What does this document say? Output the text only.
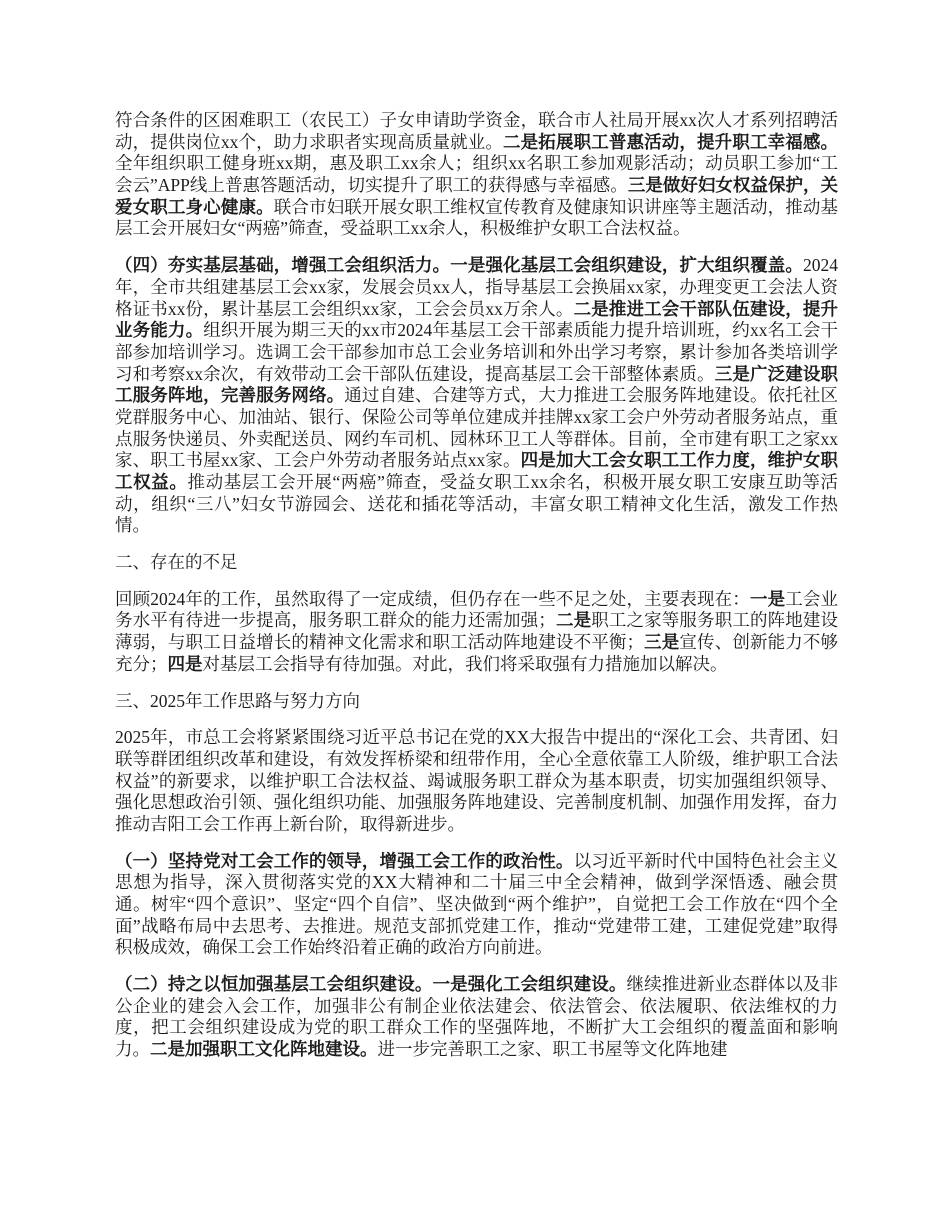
符合条件的区困难职工（农民工）子女申请助学资金，联合市人社局开展xx次人才系列招聘活动，提供岗位xx个，助力求职者实现高质量就业。二是拓展职工普惠活动，提升职工幸福感。全年组织职工健身班xx期，惠及职工xx余人；组织xx名职工参加观影活动；动员职工参加“工会云”APP线上普惠答题活动，切实提升了职工的获得感与幸福感。三是做好妇女权益保护，关爱女职工身心健康。联合市妇联开展女职工维权宣传教育及健康知识讲座等主题活动，推动基层工会开展妇女“两癌”筛查，受益职工xx余人，积极维护女职工合法权益。

（四）夯实基层基础，增强工会组织活力。一是强化基层工会组织建设，扩大组织覆盖。2024年，全市共组建基层工会xx家，发展会员xx人，指导基层工会换届xx家，办理变更工会法人资格证书xx份，累计基层工会组织xx家，工会会员xx万余人。二是推进工会干部队伍建设，提升业务能力。组织开展为期三天的xx市2024年基层工会干部素质能力提升培训班，约xx名工会干部参加培训学习。选调工会干部参加市总工会业务培训和外出学习考察，累计参加各类培训学习和考察xx余次，有效带动工会干部队伍建设，提高基层工会干部整体素质。三是广泛建设职工服务阵地，完善服务网络。通过自建、合建等方式，大力推进工会服务阵地建设。依托社区党群服务中心、加油站、银行、保险公司等单位建成并挂牌xx家工会户外劳动者服务站点，重点服务快递员、外卖配送员、网约车司机、园林环卫工人等群体。目前，全市建有职工之家xx家、职工书屋xx家、工会户外劳动者服务站点xx家。四是加大工会女职工工作力度，维护女职工权益。推动基层工会开展“两癌”筛查，受益女职工xx余名，积极开展女职工安康互助等活动，组织“三八”妇女节游园会、送花和插花等活动，丰富女职工精神文化生活，激发工作热情。

二、存在的不足

回顾2024年的工作，虽然取得了一定成绩，但仍存在一些不足之处，主要表现在：一是工会业务水平有待进一步提高，服务职工群众的能力还需加强；二是职工之家等服务职工的阵地建设薄弱，与职工日益增长的精神文化需求和职工活动阵地建设不平衡；三是宣传、创新能力不够充分；四是对基层工会指导有待加强。对此，我们将采取强有力措施加以解决。

三、2025年工作思路与努力方向

2025年，市总工会将紧紧围绕习近平总书记在党的XX大报告中提出的“深化工会、共青团、妇联等群团组织改革和建设，有效发挥桥梁和纽带作用，全心全意依靠工人阶级，维护职工合法权益”的新要求，以维护职工合法权益、竭诚服务职工群众为基本职责，切实加强组织领导、强化思想政治引领、强化组织功能、加强服务阵地建设、完善制度机制、加强作用发挥，奋力推动吉阳工会工作再上新台阶，取得新进步。

（一）坚持党对工会工作的领导，增强工会工作的政治性。以习近平新时代中国特色社会主义思想为指导，深入贯彻落实党的XX大精神和二十届三中全会精神，做到学深悟透、融会贯通。树牢“四个意识”、坚定“四个自信”、坚决做到“两个维护”，自觉把工会工作放在“四个全面”战略布局中去思考、去推进。规范支部抓党建工作，推动“党建带工建，工建促党建”取得积极成效，确保工会工作始终沿着正确的政治方向前进。

（二）持之以恒加强基层工会组织建设。一是强化工会组织建设。继续推进新业态群体以及非公企业的建会入会工作，加强非公有制企业依法建会、依法管会、依法履职、依法维权的力度，把工会组织建设成为党的职工群众工作的坚强阵地，不断扩大工会组织的覆盖面和影响力。二是加强职工文化阵地建设。进一步完善职工之家、职工书屋等文化阵地建
